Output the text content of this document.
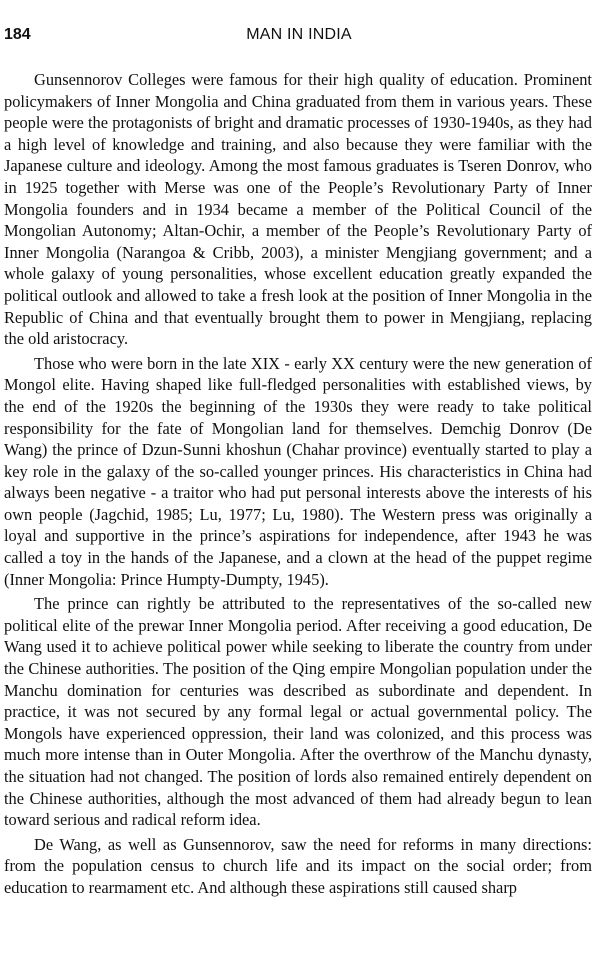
184	MAN IN INDIA

Gunsennorov Colleges were famous for their high quality of education. Prominent policymakers of Inner Mongolia and China graduated from them in various years. These people were the protagonists of bright and dramatic processes of 1930-1940s, as they had a high level of knowledge and training, and also because they were familiar with the Japanese culture and ideology. Among the most famous graduates is Tseren Donrov, who in 1925 together with Merse was one of the People’s Revolutionary Party of Inner Mongolia founders and in 1934 became a member of the Political Council of the Mongolian Autonomy; Altan-Ochir, a member of the People’s Revolutionary Party of Inner Mongolia (Narangoa & Cribb, 2003), a minister Mengjiang government; and a whole galaxy of young personalities, whose excellent education greatly expanded the political outlook and allowed to take a fresh look at the position of Inner Mongolia in the Republic of China and that eventually brought them to power in Mengjiang, replacing the old aristocracy.

Those who were born in the late XIX - early XX century were the new generation of Mongol elite. Having shaped like full-fledged personalities with established views, by the end of the 1920s the beginning of the 1930s they were ready to take political responsibility for the fate of Mongolian land for themselves. Demchig Donrov (De Wang) the prince of Dzun-Sunni khoshun (Chahar province) eventually started to play a key role in the galaxy of the so-called younger princes. His characteristics in China had always been negative - a traitor who had put personal interests above the interests of his own people (Jagchid, 1985; Lu, 1977; Lu, 1980). The Western press was originally a loyal and supportive in the prince’s aspirations for independence, after 1943 he was called a toy in the hands of the Japanese, and a clown at the head of the puppet regime (Inner Mongolia: Prince Humpty-Dumpty, 1945).

The prince can rightly be attributed to the representatives of the so-called new political elite of the prewar Inner Mongolia period. After receiving a good education, De Wang used it to achieve political power while seeking to liberate the country from under the Chinese authorities. The position of the Qing empire Mongolian population under the Manchu domination for centuries was described as subordinate and dependent. In practice, it was not secured by any formal legal or actual governmental policy. The Mongols have experienced oppression, their land was colonized, and this process was much more intense than in Outer Mongolia. After the overthrow of the Manchu dynasty, the situation had not changed. The position of lords also remained entirely dependent on the Chinese authorities, although the most advanced of them had already begun to lean toward serious and radical reform idea.

De Wang, as well as Gunsennorov, saw the need for reforms in many directions: from the population census to church life and its impact on the social order; from education to rearmament etc. And although these aspirations still caused sharp
